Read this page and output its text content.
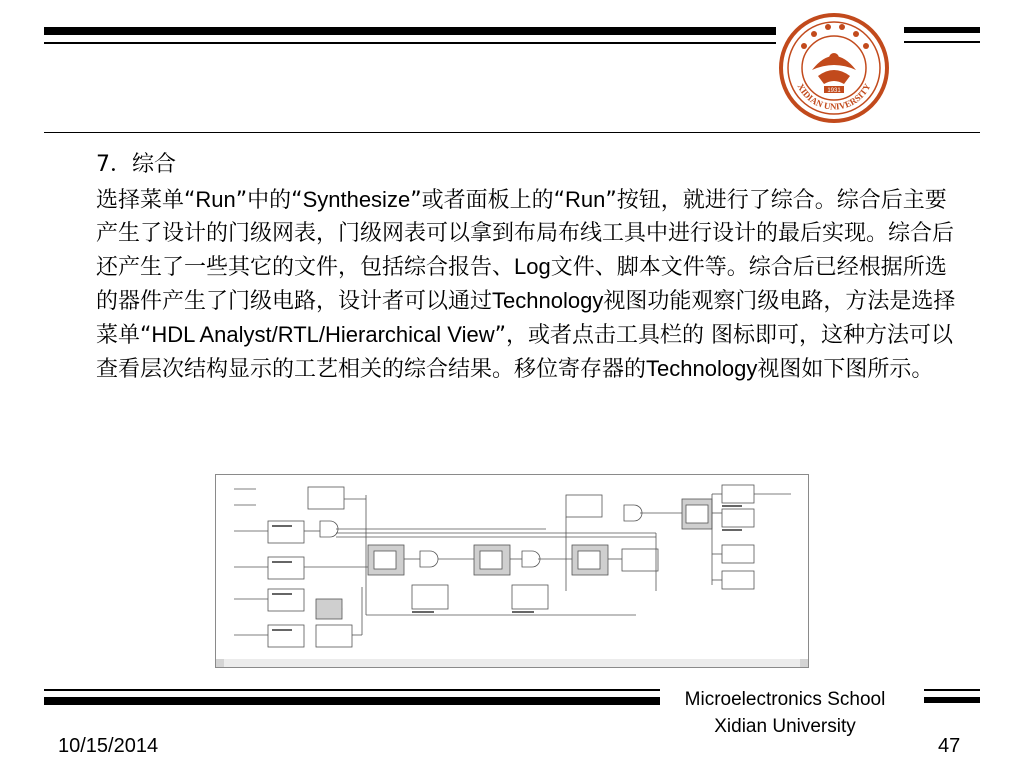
1931
XIDIAN UNIVERSITY

7．综合

选择菜单“Run”中的“Synthesize”或者面板上的“Run”按钮，就进行了综合。综合后主要产生了设计的门级网表，门级网表可以拿到布局布线工具中进行设计的最后实现。综合后还产生了一些其它的文件，包括综合报告、Log文件、脚本文件等。综合后已经根据所选的器件产生了门级电路，设计者可以通过Technology视图功能观察门级电路，方法是选择菜单“HDL Analyst/RTL/Hierarchical View”，或者点击工具栏的 图标即可，这种方法可以查看层次结构显示的工艺相关的综合结果。移位寄存器的Technology视图如下图所示。

Microelectronics School
Xidian University
10/15/2014	47
